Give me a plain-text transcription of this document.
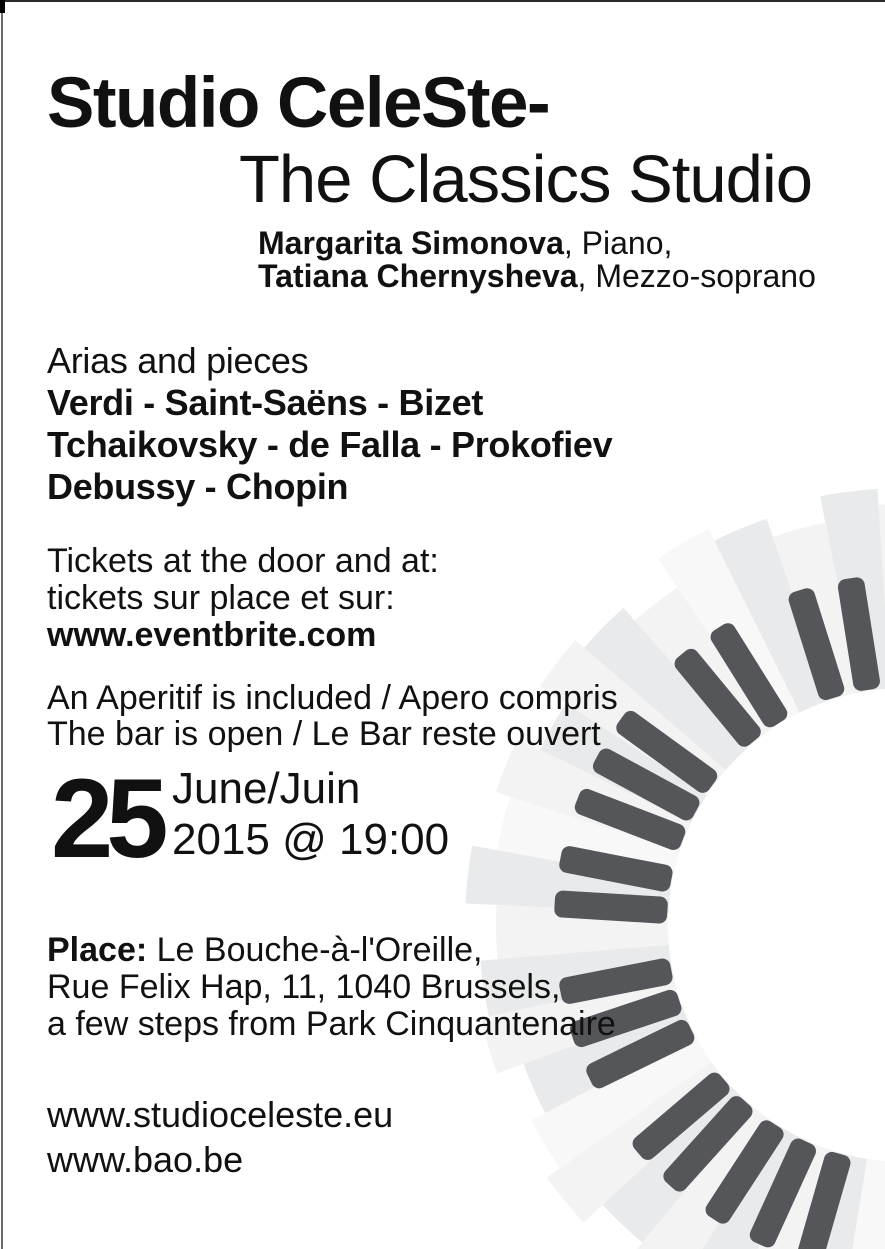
Studio CeleSte-
The Classics Studio
Margarita Simonova, Piano,
Tatiana Chernysheva, Mezzo-soprano
Arias and pieces
Verdi - Saint-Saëns - Bizet
Tchaikovsky - de Falla - Prokofiev
Debussy - Chopin
Tickets at the door and at:
tickets sur place et sur:
www.eventbrite.com
An Aperitif is included / Apero compris
The bar is open / Le Bar reste ouvert
25 June/Juin
2015 @ 19:00
Place: Le Bouche-à-l'Oreille,
Rue Felix Hap, 11, 1040 Brussels,
a few steps from Park Cinquantenaire
www.studioceleste.eu
www.bao.be
